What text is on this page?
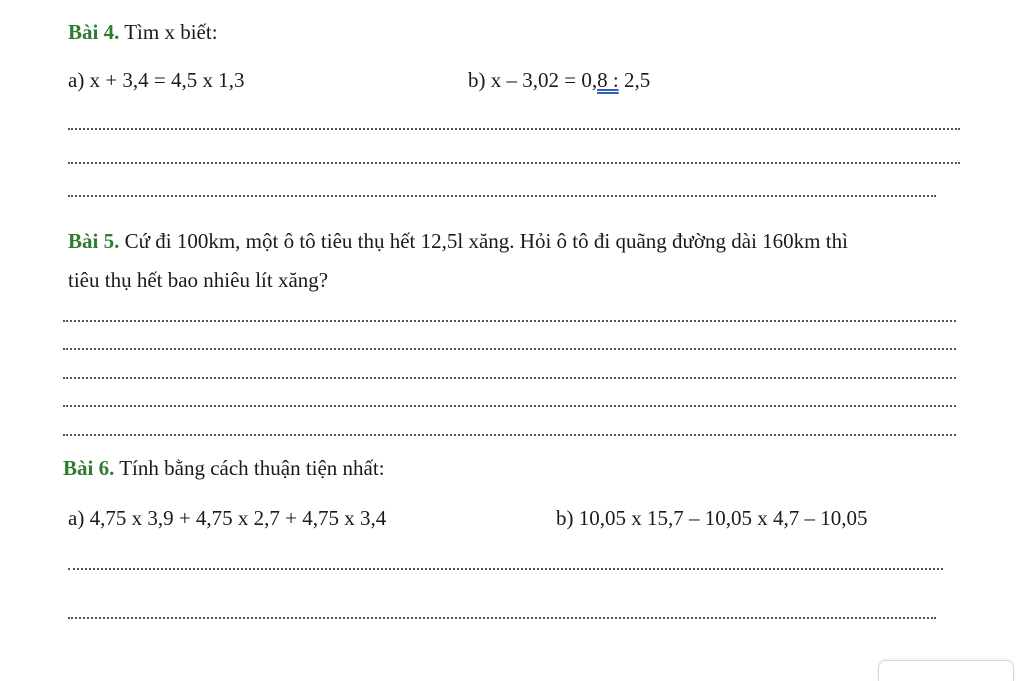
Bài 4. Tìm x biết:
a) x + 3,4 = 4,5 x 1,3	b) x – 3,02 = 0,8 : 2,5
Bài 5. Cứ đi 100km, một ô tô tiêu thụ hết 12,5l xăng. Hỏi ô tô đi quãng đường dài 160km thì
tiêu thụ hết bao nhiêu lít xăng?
Bài 6. Tính bằng cách thuận tiện nhất:
a) 4,75 x 3,9 + 4,75 x 2,7 + 4,75 x 3,4	b) 10,05 x 15,7 – 10,05 x 4,7 – 10,05
